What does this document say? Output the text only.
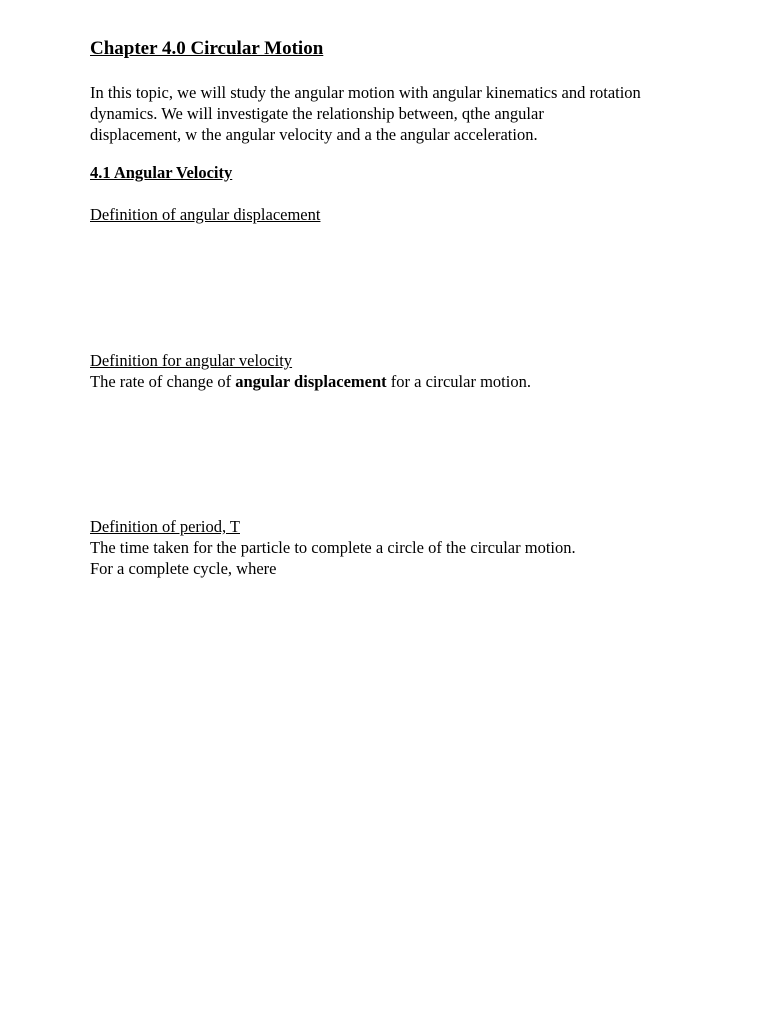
Chapter 4.0 Circular Motion
In this topic, we will study the angular motion with angular kinematics and rotation
dynamics. We will investigate the relationship between, qthe angular
displacement, w the angular velocity and a the angular acceleration.
4.1 Angular Velocity
Definition of angular displacement
Definition for angular velocity
The rate of change of angular displacement for a circular motion.
Definition of period, T
The time taken for the particle to complete a circle of the circular motion.
For a complete cycle, where
